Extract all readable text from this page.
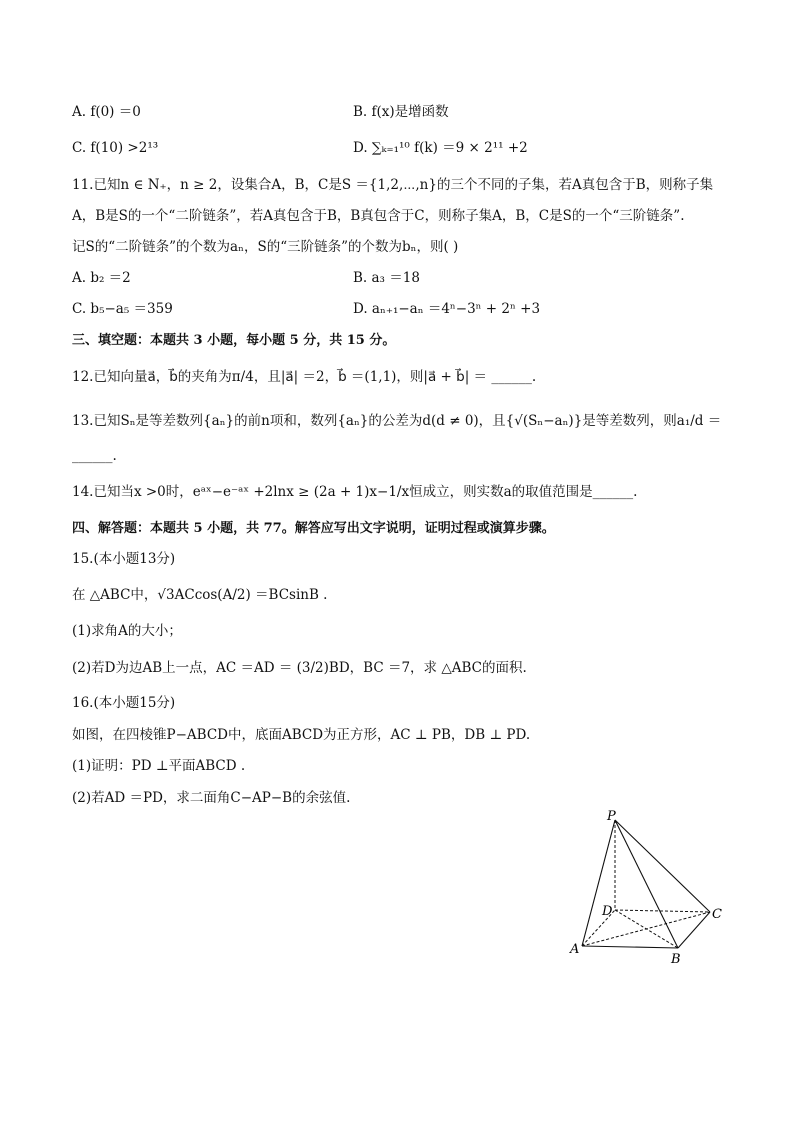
A. f(0) ＝0	B. f(x)是增函数
C. f(10) >2¹³	D. ∑ₖ₌₁¹⁰ f(k) ＝9 × 2¹¹ +2
11.已知n ∈ N₊，n ≥ 2，设集合A，B，C是S ＝{1,2,⋯,n}的三个不同的子集，若A真包含于B，则称子集
A，B是S的一个“二阶链条”，若A真包含于B，B真包含于C，则称子集A，B，C是S的一个“三阶链条”.
记S的“二阶链条”的个数为aₙ，S的“三阶链条”的个数为bₙ，则( )
A. b₂ ＝2	B. a₃ ＝18
C. b₅−a₅ ＝359	D. aₙ₊₁−aₙ ＝4ⁿ−3ⁿ + 2ⁿ +3
三、填空题：本题共 3 小题，每小题 5 分，共 15 分。
12.已知向量a⃗，b⃗的夹角为π/4，且|a⃗| ＝2，b⃗ ＝(1,1)，则|a⃗ + b⃗| ＝ ______.
13.已知Sₙ是等差数列{aₙ}的前n项和，数列{aₙ}的公差为d(d ≠ 0)，且{√(Sₙ−aₙ)}是等差数列，则a₁/d ＝
______.
14.已知当x >0时，eᵃˣ−e⁻ᵃˣ +2lnx ≥ (2a + 1)x−1/x恒成立，则实数a的取值范围是______.
四、解答题：本题共 5 小题，共 77。解答应写出文字说明，证明过程或演算步骤。
15.(本小题13分)
在 △ABC中，√3ACcos(A/2) ＝BCsinB .
(1)求角A的大小；
(2)若D为边AB上一点，AC ＝AD ＝ (3/2)BD，BC ＝7，求 △ABC的面积.
16.(本小题15分)
如图，在四棱锥P−ABCD中，底面ABCD为正方形，AC ⊥ PB，DB ⊥ PD.
(1)证明：PD ⊥平面ABCD .
(2)若AD ＝PD，求二面角C−AP−B的余弦值.
P
D	C
A
B
